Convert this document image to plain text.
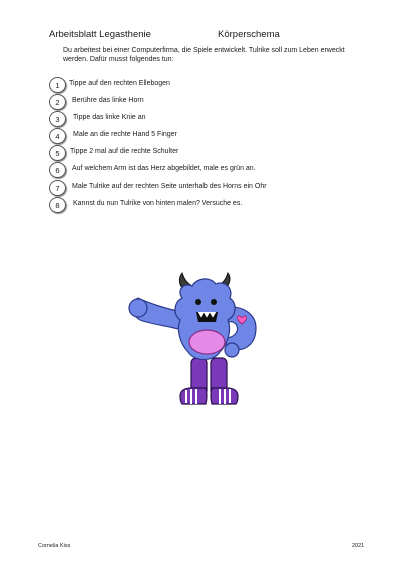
Arbeitsblatt Legasthenie	Körperschema
Du arbeitest bei einer Computerfirma, die Spiele entwickelt. Tulrike soll zum Leben erweckt werden. Dafür musst folgendes tun:
1	Tippe auf den rechten Ellebogen
2	Berühre das linke Horn
3	Tippe das linke Knie an
4	Male an die rechte Hand 5 Finger
5	Tippe 2 mal auf die rechte Schulter
6	Auf welchem Arm ist das Herz abgebildet, male es grün an.
7	Male Tulrike auf der rechten Seite unterhalb des Horns ein Ohr
8	Kannst du nun Tulrike von hinten malen? Versuche es.
Cornelia Kiss	2021
